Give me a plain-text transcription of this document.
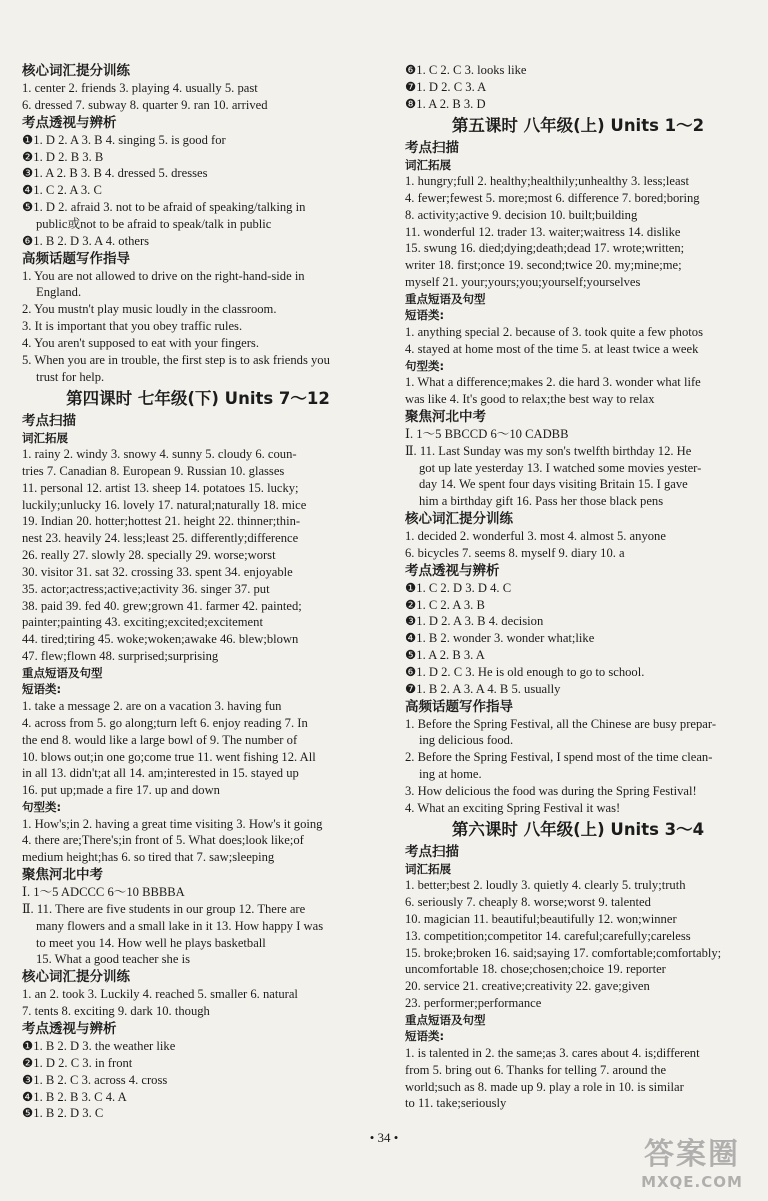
核心词汇提分训练
1. center 2. friends 3. playing 4. usually 5. past
6. dressed 7. subway 8. quarter 9. ran 10. arrived
考点透视与辨析
❶1. D 2. A 3. B 4. singing 5. is good for
❷1. D 2. B 3. B
❸1. A 2. B 3. B 4. dressed 5. dresses
❹1. C 2. A 3. C
❺1. D 2. afraid 3. not to be afraid of speaking/talking in
public或not to be afraid to speak/talk in public
❻1. B 2. D 3. A 4. others
高频话题写作指导
1. You are not allowed to drive on the right-hand-side in
England.
2. You mustn't play music loudly in the classroom.
3. It is important that you obey traffic rules.
4. You aren't supposed to eat with your fingers.
5. When you are in trouble, the first step is to ask friends you
trust for help.
第四课时 七年级(下) Units 7～12
考点扫描
词汇拓展
1. rainy 2. windy 3. snowy 4. sunny 5. cloudy 6. coun-
tries 7. Canadian 8. European 9. Russian 10. glasses
11. personal 12. artist 13. sheep 14. potatoes 15. lucky;
luckily;unlucky 16. lovely 17. natural;naturally 18. mice
19. Indian 20. hotter;hottest 21. height 22. thinner;thin-
nest 23. heavily 24. less;least 25. differently;difference
26. really 27. slowly 28. specially 29. worse;worst
30. visitor 31. sat 32. crossing 33. spent 34. enjoyable
35. actor;actress;active;activity 36. singer 37. put
38. paid 39. fed 40. grew;grown 41. farmer 42. painted;
painter;painting 43. exciting;excited;excitement
44. tired;tiring 45. woke;woken;awake 46. blew;blown
47. flew;flown 48. surprised;surprising
重点短语及句型
短语类:
1. take a message 2. are on a vacation 3. having fun
4. across from 5. go along;turn left 6. enjoy reading 7. In
the end 8. would like a large bowl of 9. The number of
10. blows out;in one go;come true 11. went fishing 12. All
in all 13. didn't;at all 14. am;interested in 15. stayed up
16. put up;made a fire 17. up and down
句型类:
1. How's;in 2. having a great time visiting 3. How's it going
4. there are;There's;in front of 5. What does;look like;of
medium height;has 6. so tired that 7. saw;sleeping
聚焦河北中考
Ⅰ. 1～5 ADCCC 6～10 BBBBA
Ⅱ. 11. There are five students in our group 12. There are
many flowers and a small lake in it 13. How happy I was
to meet you 14. How well he plays basketball
15. What a good teacher she is
核心词汇提分训练
1. an 2. took 3. Luckily 4. reached 5. smaller 6. natural
7. tents 8. exciting 9. dark 10. though
考点透视与辨析
❶1. B 2. D 3. the weather like
❷1. D 2. C 3. in front
❸1. B 2. C 3. across 4. cross
❹1. B 2. B 3. C 4. A
❺1. B 2. D 3. C
❻1. C 2. C 3. looks like
❼1. D 2. C 3. A
❽1. A 2. B 3. D
第五课时 八年级(上) Units 1～2
考点扫描
词汇拓展
1. hungry;full 2. healthy;healthily;unhealthy 3. less;least
4. fewer;fewest 5. more;most 6. difference 7. bored;boring
8. activity;active 9. decision 10. built;building
11. wonderful 12. trader 13. waiter;waitress 14. dislike
15. swung 16. died;dying;death;dead 17. wrote;written;
writer 18. first;once 19. second;twice 20. my;mine;me;
myself 21. your;yours;you;yourself;yourselves
重点短语及句型
短语类:
1. anything special 2. because of 3. took quite a few photos
4. stayed at home most of the time 5. at least twice a week
句型类:
1. What a difference;makes 2. die hard 3. wonder what life
was like 4. It's good to relax;the best way to relax
聚焦河北中考
Ⅰ. 1～5 BBCCD 6～10 CADBB
Ⅱ. 11. Last Sunday was my son's twelfth birthday 12. He
got up late yesterday 13. I watched some movies yester-
day 14. We spent four days visiting Britain 15. I gave
him a birthday gift 16. Pass her those black pens
核心词汇提分训练
1. decided 2. wonderful 3. most 4. almost 5. anyone
6. bicycles 7. seems 8. myself 9. diary 10. a
考点透视与辨析
❶1. C 2. D 3. D 4. C
❷1. C 2. A 3. B
❸1. D 2. A 3. B 4. decision
❹1. B 2. wonder 3. wonder what;like
❺1. A 2. B 3. A
❻1. D 2. C 3. He is old enough to go to school.
❼1. B 2. A 3. A 4. B 5. usually
高频话题写作指导
1. Before the Spring Festival, all the Chinese are busy prepar-
ing delicious food.
2. Before the Spring Festival, I spend most of the time clean-
ing at home.
3. How delicious the food was during the Spring Festival!
4. What an exciting Spring Festival it was!
第六课时 八年级(上) Units 3～4
考点扫描
词汇拓展
1. better;best 2. loudly 3. quietly 4. clearly 5. truly;truth
6. seriously 7. cheaply 8. worse;worst 9. talented
10. magician 11. beautiful;beautifully 12. won;winner
13. competition;competitor 14. careful;carefully;careless
15. broke;broken 16. said;saying 17. comfortable;comfortably;
uncomfortable 18. chose;chosen;choice 19. reporter
20. service 21. creative;creativity 22. gave;given
23. performer;performance
重点短语及句型
短语类:
1. is talented in 2. the same;as 3. cares about 4. is;different
from 5. bring out 6. Thanks for telling 7. around the
world;such as 8. made up 9. play a role in 10. is similar
to 11. take;seriously
• 34 •	答案圈
MXQE.COM
